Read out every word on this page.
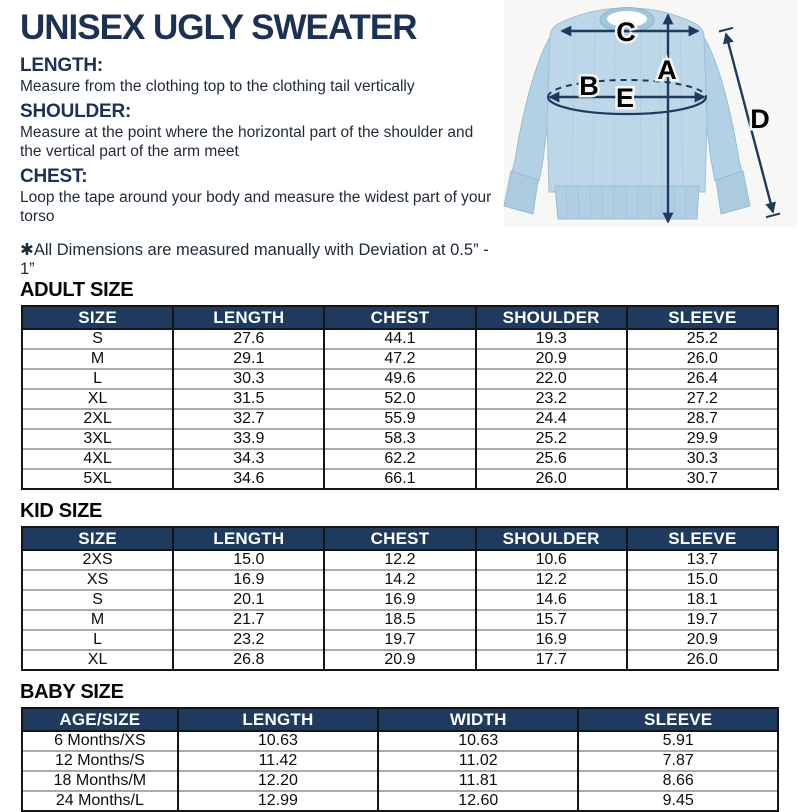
UNISEX UGLY SWEATER
LENGTH:
Measure from the clothing top to the clothing tail vertically
SHOULDER:
Measure at the point where the horizontal part of the shoulder and the vertical part of the arm meet
CHEST:
Loop the tape around your body and measure the widest part of your torso
✱All Dimensions are measured manually with Deviation at 0.5” - 1”
C
A
B E
D
ADULT SIZE
SIZE	LENGTH	CHEST	SHOULDER	SLEEVE
S	27.6	44.1	19.3	25.2
M	29.1	47.2	20.9	26.0
L	30.3	49.6	22.0	26.4
XL	31.5	52.0	23.2	27.2
2XL	32.7	55.9	24.4	28.7
3XL	33.9	58.3	25.2	29.9
4XL	34.3	62.2	25.6	30.3
5XL	34.6	66.1	26.0	30.7
KID SIZE
SIZE	LENGTH	CHEST	SHOULDER	SLEEVE
2XS	15.0	12.2	10.6	13.7
XS	16.9	14.2	12.2	15.0
S	20.1	16.9	14.6	18.1
M	21.7	18.5	15.7	19.7
L	23.2	19.7	16.9	20.9
XL	26.8	20.9	17.7	26.0
BABY SIZE
AGE/SIZE	LENGTH	WIDTH	SLEEVE
6 Months/XS	10.63	10.63	5.91
12 Months/S	11.42	11.02	7.87
18 Months/M	12.20	11.81	8.66
24 Months/L	12.99	12.60	9.45
